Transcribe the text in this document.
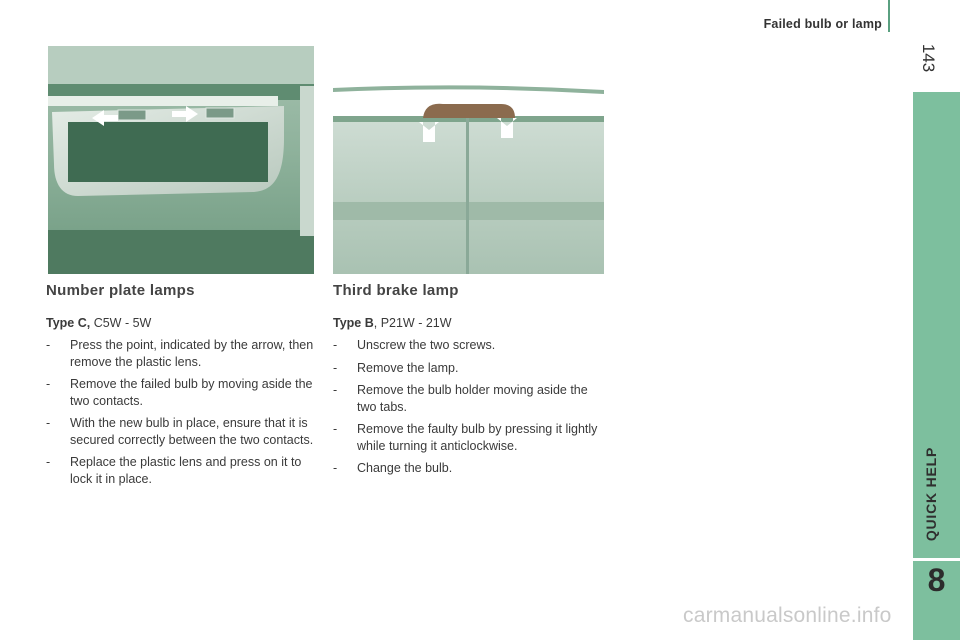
Failed bulb or lamp
143
QUICK HELP
8
Number plate lamps
Type C, C5W - 5W
- Press the point, indicated by the arrow, then remove the plastic lens.
- Remove the failed bulb by moving aside the two contacts.
- With the new bulb in place, ensure that it is secured correctly between the two contacts.
- Replace the plastic lens and press on it to lock it in place.
Third brake lamp
Type B, P21W - 21W
- Unscrew the two screws.
- Remove the lamp.
- Remove the bulb holder moving aside the two tabs.
- Remove the faulty bulb by pressing it lightly while turning it anticlockwise.
- Change the bulb.
carmanualsonline.info
